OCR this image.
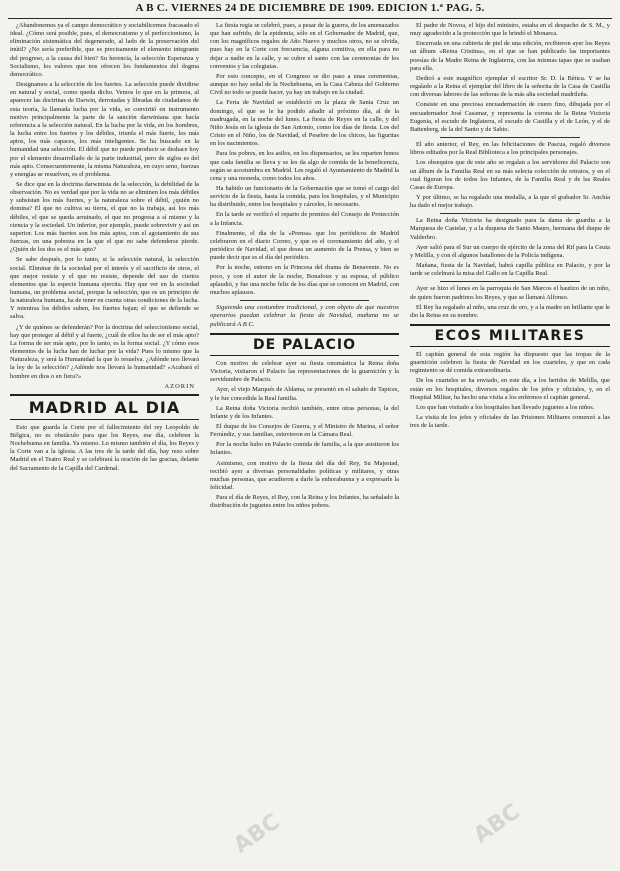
A B C. VIERNES 24 DE DICIEMBRE DE 1909. EDICION 1.ª PAG. 5.

¿Abandonemos ya el campo democrático y sociabilicemos fracasado el ideal. ¿Cómo será posible, pues, el democratismo y el perfeccionismo, la eliminación sistemática del degenerado, al lado de la preservación del inútil? ¿No sería preferible, que es precisamente el elemento integrante del progreso, a la causa del bien? Su herencia, la selección Esperanza y Socialismo, los valores que nos ofrecen los fundamentos del dogma democrático.

Designamos a la selección de los fuertes. La selección puede dividirse en natural y social, como queda dicho. Vemos lo que en la primera, al aparecer las doctrinas de Darwin, derrotadas y libradas de ciudadanos de esta teoría, la llamada lucha por la vida, se convirtió en instrumento motivo principalmente la parte de la sanción darwiniana que hacía referencia a la selección natural. En la lucha por la vida, en los hombres, la lucha entre los fuertes y los débiles, triunfa el más fuerte, los más aptos, los más capaces, los más inteligentes. Se ha buscado en la humanidad una selección. El débil que no puede producir se deshace hoy por el elemento desarrollado de la parte industrial, pero de siglos es del más apto. Consecuentemente, la misma Naturaleza, en cuyo seno, fuerzas y energías se resuelven, es el problema.

Se dice que en la doctrina darwinista de la selección, la debilidad de la observación. No es verdad que por la vida no se eliminen los más débiles y subsistan los más fuertes, y la naturaleza sobre el débil, ¿quién no domina? El que no cultiva su tierra, el que no la trabaja, así los más débiles, el que se queda arruinado, el que no progresa a sí mismo y la ciencia y la sociedad. Un inferior, por ejemplo, puede sobrevivir y así un superior. Los más fuertes son los más aptos, con el agotamiento de sus fuerzas, en una pobreza en la que el que no sabe defenderse pierde. ¿Quién de los dos es el más apto?

Se sabe después, por lo tanto, si la selección natural, la selección social. Eliminar de la sociedad por el interés y el sacrificio de otros, el que mejor resiste y el que no resiste, depende del uso de ciertos elementos que la especie humana ejercita. Hay que ver en la sociedad humana, un problema social, porque la selección, que es un principio de la naturaleza humana, ha de tener en cuenta otras condiciones de la lucha. Y mientras los débiles suben, los fuertes bajan; el que se defiende se salva.

¿Y de quiénes se defenderán? Por la doctrina del seleccionismo social, hay que proteger al débil y al fuerte, ¿cuál de ellos ha de ser el más apto? La forma de ser más apto, por lo tanto, es la forma social. ¿Y cómo esos elementos de la lucha han de luchar por la vida? Pues lo mismo que la Naturaleza, y será la Humanidad la que lo resuelva. ¿Adónde nos llevará la ley de la selección? ¿Adónde nos llevará la humanidad? «Acabará el hombre en dios o en fiera?»

AZORIN
MADRID AL DIA

Esto que guarda la Corte por el fallecimiento del rey Leopoldo de Bélgica, no es obstáculo para que los Reyes, ese día, celebren la Nochebuena en familia. Ya mismo. Lo mismo también el día, los Reyes y la Corte van a la iglesia. A las tres de la tarde del día, hay rezo sobre Madrid en el Teatro Real y se celebrará la oración de las gracias, delante del Sacramento de la Capilla del Cardenal.

La fiesta regia se celebró, pues, a pesar de la guerra, de los amenazados que han sufrido, de la epidemia, sólo en el Gobernador de Madrid, que, con los magníficos regalos de Año Nuevo y muchos otros, no se olvida, pues hay en la Corte con frecuencia, alguna comitiva, en ella para no dejar a nadie en la calle, y se cubre el santo con las ceremonias de los conventos y las colegiatas.

Por esto concepto, en el Congreso se dio paso a unas ceremonias, aunque no hay señal de la Nochebuena, en la Casa Cabeza del Gobierno Civil no todo se puede hacer, ya hay un trabajo en la ciudad.

La Feria de Navidad se estableció en la plaza de Santa Cruz un domingo, el que se le ha podido añadir al próximo día, al de la madrugada, en la noche del lunes. La fiesta de Reyes en la calle, y del Niño Jesús en la iglesia de San Antonio, como los días de fiesta. Los del Cristo en el Niño, los de Navidad, el Pesebre de los chicos, las figuritas en los nacimientos.

Para los pobres, en los asilos, en los dispensarios, se les reparten bonos que cada familia se lleva y se les da algo de comida de la beneficencia, según se acostumbra en Madrid. Les regaló el Ayuntamiento de Madrid la cena y una moneda, como todos los años.

Ha habido un funcionario de la Gobernación que se tomó el cargo del servicio de la fiesta, hasta la comida, para los hospitales, y el Municipio ha distribuido, entre los hospitales y cárceles, lo necesario.

En la tarde se verificó el reparto de premios del Consejo de Protección a la Infancia.

Finalmente, el día de la «Prensa» que los periódicos de Madrid celebraron en el diario Correo, y que es el coronamiento del año, y el periódico de Navidad, el que desea un aumento de la Prensa, y bien se puede decir que es el día del periódico.

Por la noche, estreno en la Princesa del drama de Benavente. No es poco, y con el autor de la noche, Bonafoux y su esposa, el público aplaudió, y fue una noche feliz de los días que se conocen en Madrid, con muchos aplausos.

Siguiendo una costumbre tradicional, y con objeto de que nuestros operarios puedan celebrar la fiesta de Navidad, mañana no se publicará A B C.

DE PALACIO

Con motivo de celebrar ayer su fiesta onomástica la Reina doña Victoria, visitaron el Palacio las representaciones de la guarnición y la servidumbre de Palacio.

Ayer, el viejo Marqués de Aldama, se presentó en el saludo de Tapices, y le fue concedida la Real familia.

La Reina doña Victoria recibió también, entre otras personas, la del Infante y de los Infantes.

El duque de los Consejos de Guerra, y el Ministro de Marina, el señor Ferrándiz, y sus familias, estuvieron en la Cámara Real.

Por la noche hubo en Palacio comida de familia, a la que asistieron los Infantes.

Asimismo, con motivo de la fiesta del día del Rey, Su Majestad, recibió ayer a diversas personalidades políticas y militares, y otras muchas personas, que acudieron a darle la enhorabuena y a expresarle la felicidad.

Para el día de Reyes, el Rey, con la Reina y los Infantes, ha señalado la distribución de juguetes entre los niños pobres.

El padre de Novoa, el hijo del ministro, estaba en el despacho de S. M., y muy agradecido a la protección que le brindó el Monarca.

Encerrada en una cubierta de piel de una edición, recibieron ayer los Reyes un álbum «Reina Cristina», en el que se han publicado las importantes poesías de la Madre Reina de Inglaterra, con las mismas tapas que se usaban para ella.

Dedicó a este magnífico ejemplar el escritor Sr. D. la Bética. Y se ha regalado a la Reina el ejemplar del libro de la señorita de la Casa de Castilla con diversas labores de las señoras de la más alta sociedad madrileña.

Consiste en una preciosa encuadernación de cuero fino, dibujada por el encuadernador José Casamar, y representa la corona de la Reina Victoria Eugenia, el escudo de Inglaterra, el escudo de Castilla y el de León, y el de Battenberg, de la del Santo y de Sabio.

El año anterior, el Rey, en las felicitaciones de Pascua, regaló diversos libros editados por la Real Biblioteca a los principales personajes.

Los obsequios que de este año se regalan a los servidores del Palacio son un álbum de la Familia Real en su más selecta colección de retratos, y en el cual figuran los de todos los Infantes, de la Familia Real y de las Reales Casas de Europa.

Y por último, se ha regalado una medalla, a la que el grabador Sr. Anchía ha dado el mejor trabajo.

La Reina doña Victoria ha designado para la dama de guardia a la Marquesa de Castelar, y a la duquesa de Santo Mauro, hermana del duque de Valderbro.

Ayer salió para el Sur un cuerpo de ejército de la zona del Rif para la Ceuta y Melilla, y con él algunos batallones de la Policía indígena.

Mañana, fiesta de la Navidad, habrá capilla pública en Palacio, y por la tarde se celebrará la misa del Gallo en la Capilla Real.

Ayer se hizo el lunes en la parroquia de San Marcos el bautizo de un niño, de quien fueron padrinos los Reyes, y que se llamará Alfonso.

El Rey ha regalado al niño, una cruz de oro, y a la madre un brillante que le dio la Reina en su nombre.

ECOS MILITARES

El capitán general de esta región ha dispuesto que las tropas de la guarnición celebren la fiesta de Navidad en los cuarteles, y que en cada regimiento se dé comida extraordinaria.

De los cuarteles se ha enviado, en este día, a los heridos de Melilla, que están en los hospitales, diversos regalos de los jefes y oficiales, y, en el Hospital Militar, ha hecho una visita a los enfermos el capitán general.

Los que han visitado a los hospitales han llevado juguetes a los niños.

La visita de los jefes y oficiales de las Prisiones Militares comenzó a las tres de la tarde.

ABC	ABC
